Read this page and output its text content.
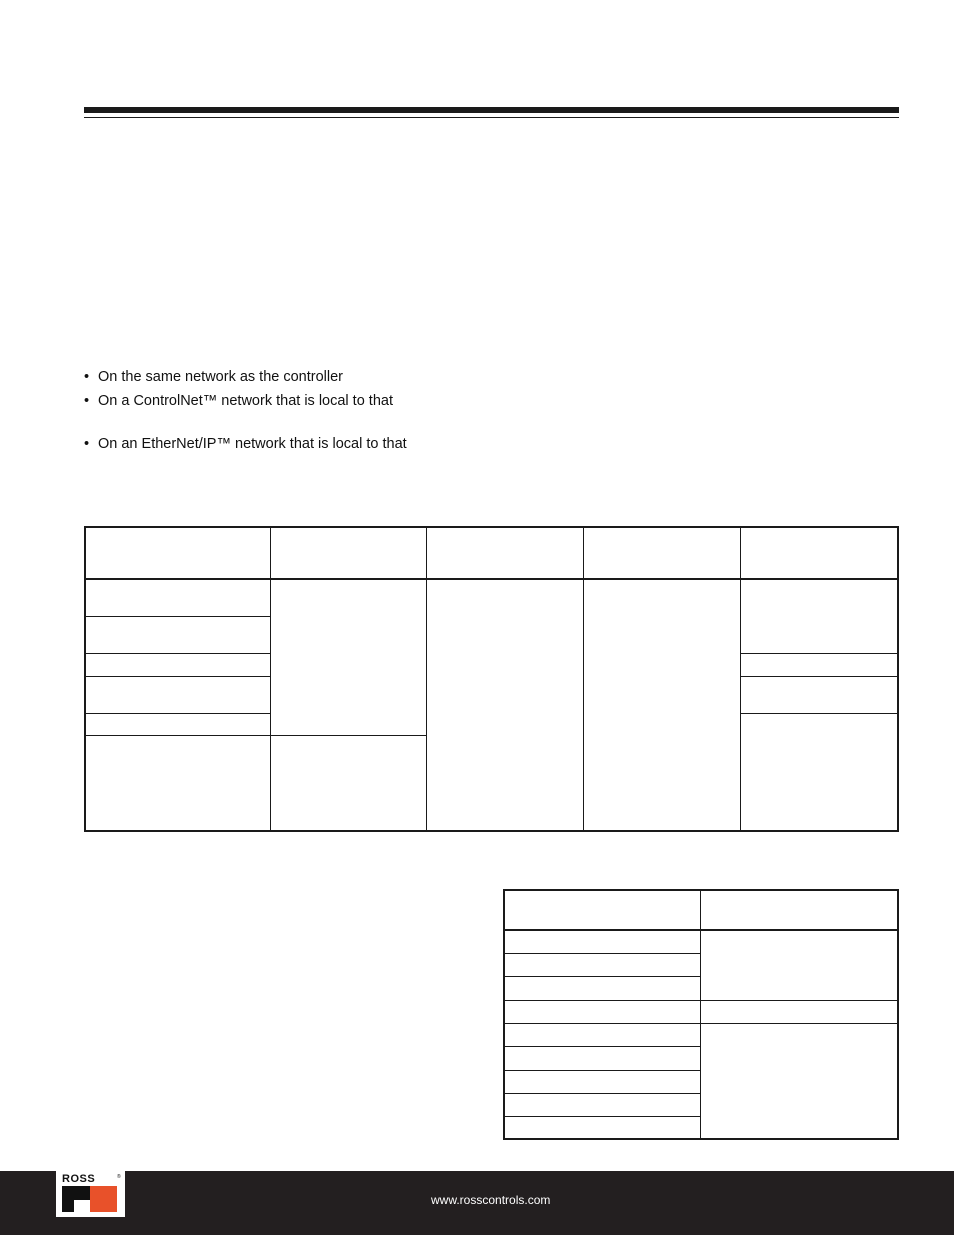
• On the same network as the controller
• On a ControlNet™ network that is local to that
• On an EtherNet/IP™ network that is local to that
ROSS	®
www.rosscontrols.com
